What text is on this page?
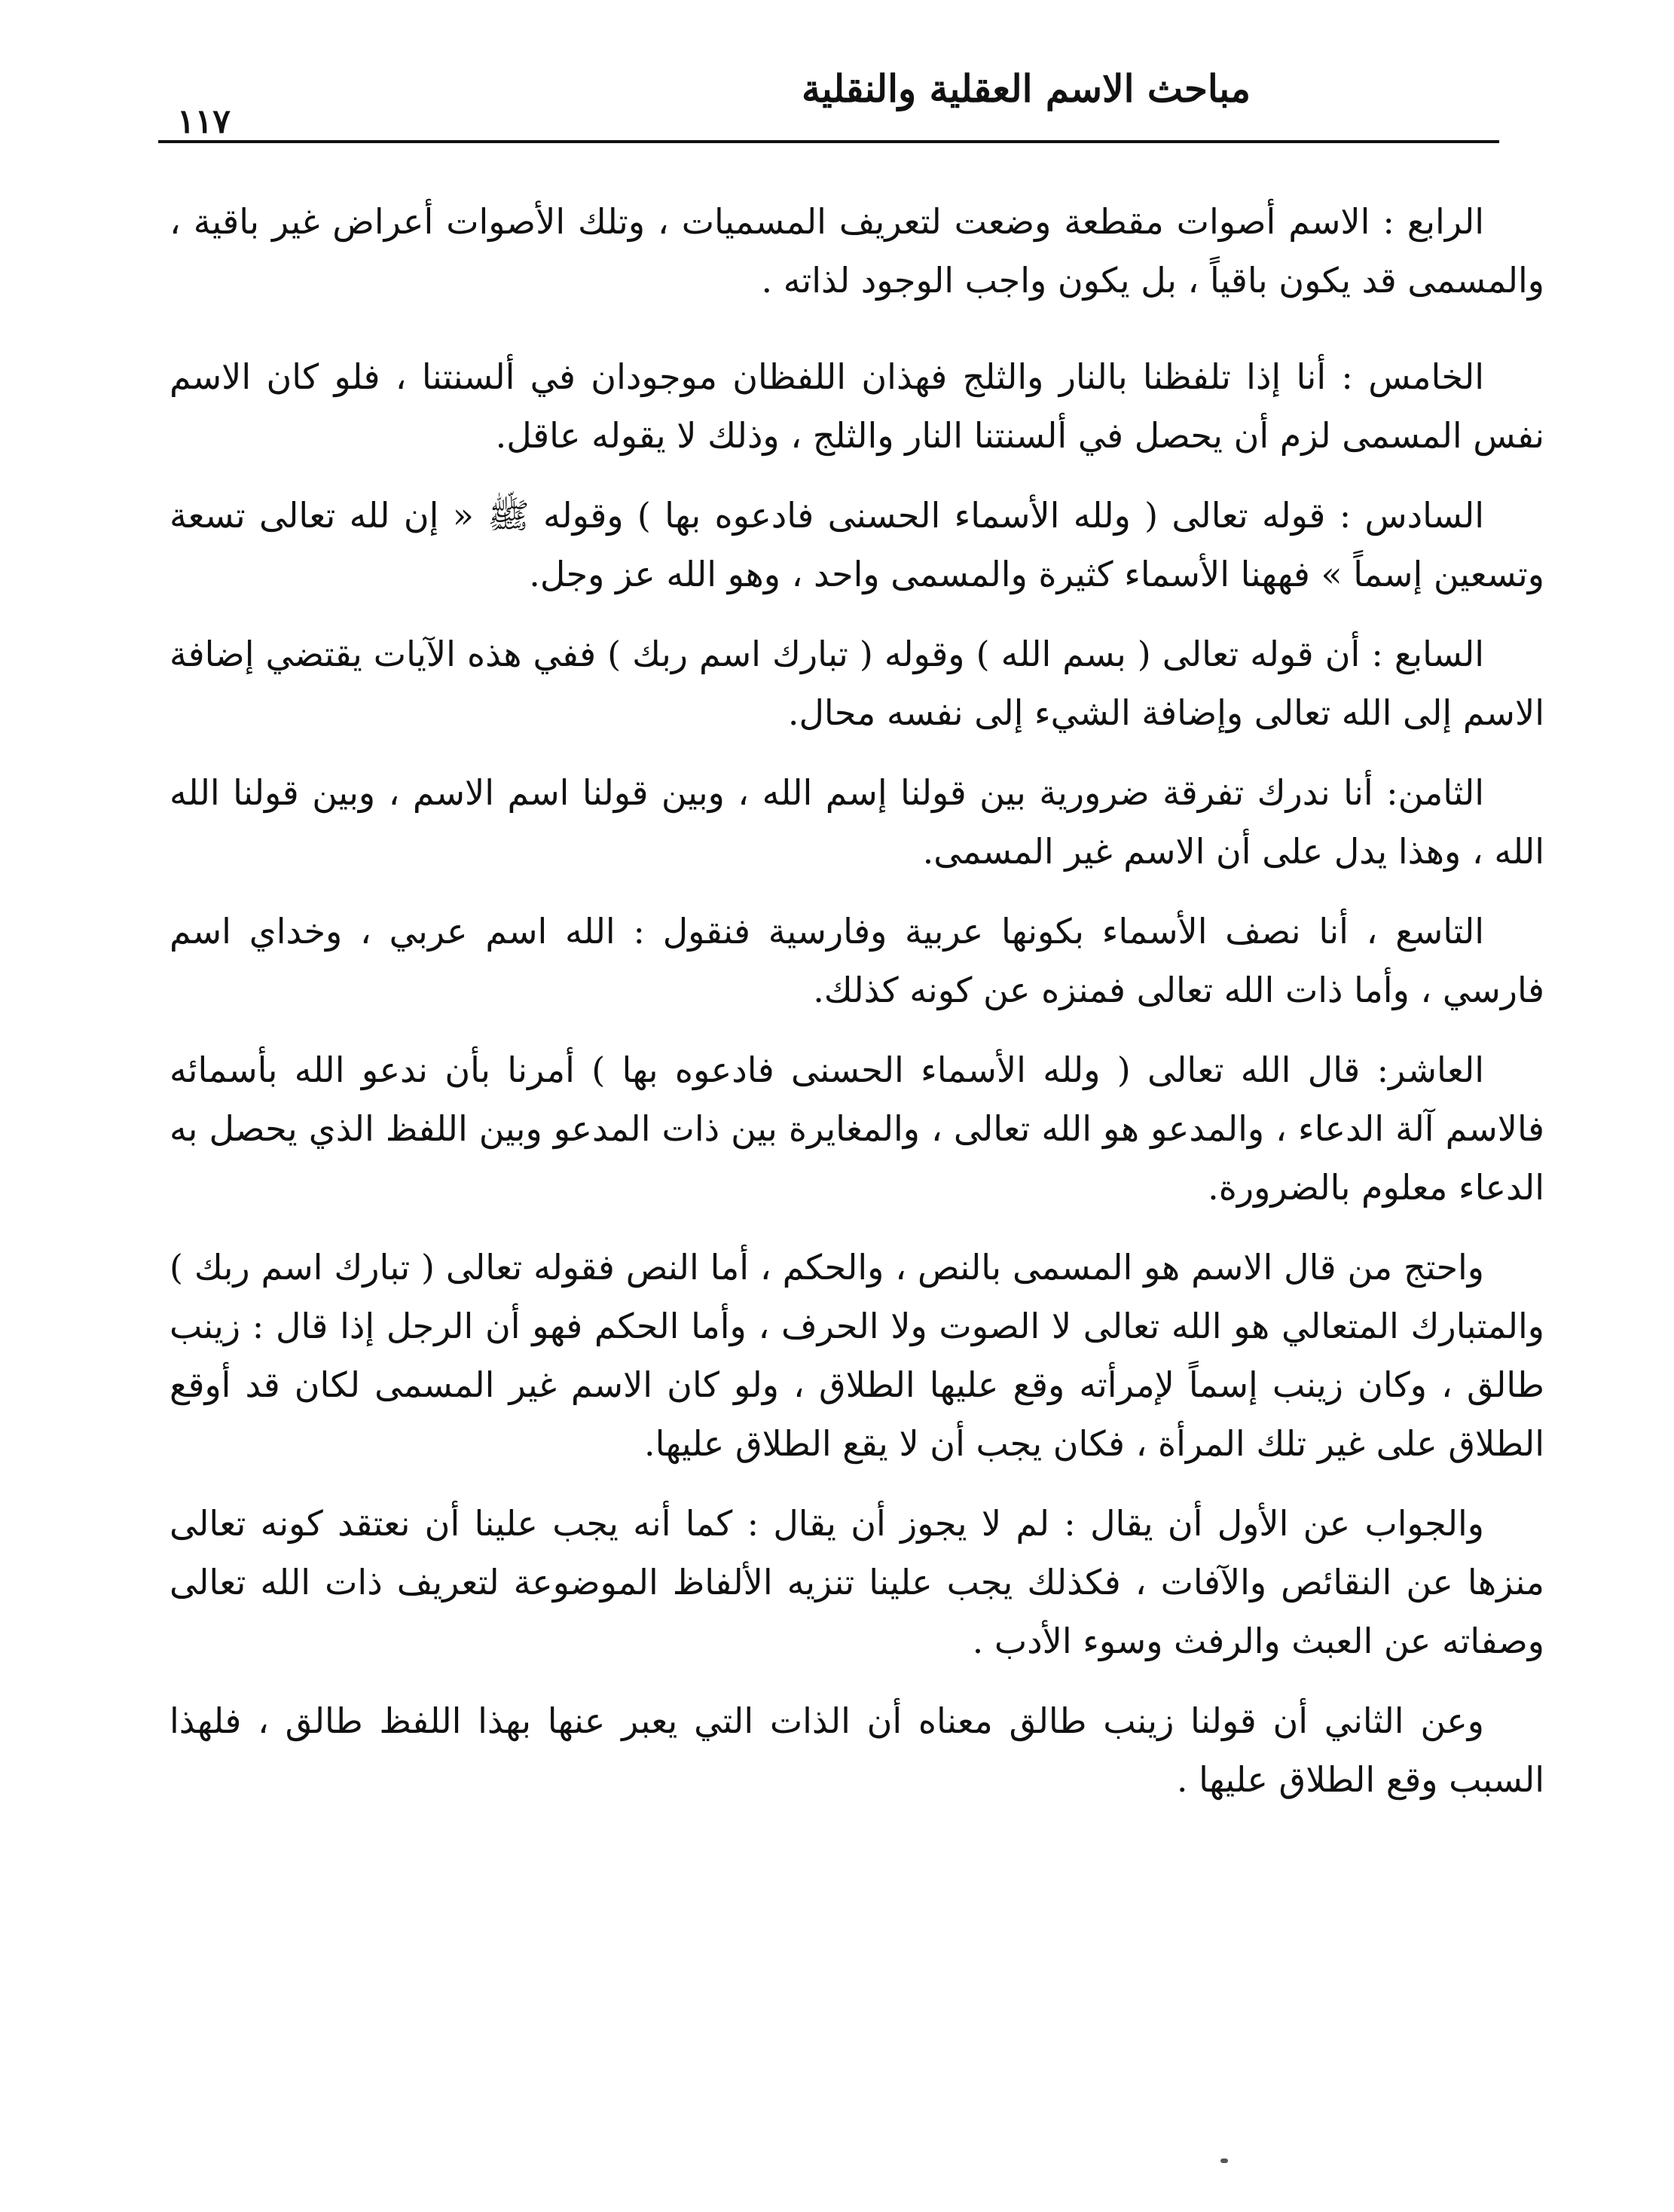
مباحث الاسم العقلية والنقلية
١١٧

الرابع : الاسم أصوات مقطعة وضعت لتعريف المسميات ، وتلك الأصوات أعراض غير باقية ، والمسمى قد يكون باقياً ، بل يكون واجب الوجود لذاته .

الخامس : أنا إذا تلفظنا بالنار والثلج فهذان اللفظان موجودان في ألسنتنا ، فلو كان الاسم نفس المسمى لزم أن يحصل في ألسنتنا النار والثلج ، وذلك لا يقوله عاقل.

السادس : قوله تعالى ( ولله الأسماء الحسنى فادعوه بها ) وقوله ﷺ « إن لله تعالى تسعة وتسعين إسماً » فههنا الأسماء كثيرة والمسمى واحد ، وهو الله عز وجل.

السابع : أن قوله تعالى ( بسم الله ) وقوله ( تبارك اسم ربك ) ففي هذه الآيات يقتضي إضافة الاسم إلى الله تعالى وإضافة الشيء إلى نفسه محال.

الثامن: أنا ندرك تفرقة ضرورية بين قولنا إسم الله ، وبين قولنا اسم الاسم ، وبين قولنا الله الله ، وهذا يدل على أن الاسم غير المسمى.

التاسع ، أنا نصف الأسماء بكونها عربية وفارسية فنقول : الله اسم عربي ، وخداي اسم فارسي ، وأما ذات الله تعالى فمنزه عن كونه كذلك.

العاشر: قال الله تعالى ( ولله الأسماء الحسنى فادعوه بها ) أمرنا بأن ندعو الله بأسمائه فالاسم آلة الدعاء ، والمدعو هو الله تعالى ، والمغايرة بين ذات المدعو وبين اللفظ الذي يحصل به الدعاء معلوم بالضرورة.

واحتج من قال الاسم هو المسمى بالنص ، والحكم ، أما النص فقوله تعالى ( تبارك اسم ربك ) والمتبارك المتعالي هو الله تعالى لا الصوت ولا الحرف ، وأما الحكم فهو أن الرجل إذا قال : زينب طالق ، وكان زينب إسماً لإمرأته وقع عليها الطلاق ، ولو كان الاسم غير المسمى لكان قد أوقع الطلاق على غير تلك المرأة ، فكان يجب أن لا يقع الطلاق عليها.

والجواب عن الأول أن يقال : لم لا يجوز أن يقال : كما أنه يجب علينا أن نعتقد كونه تعالى منزها عن النقائص والآفات ، فكذلك يجب علينا تنزيه الألفاظ الموضوعة لتعريف ذات الله تعالى وصفاته عن العبث والرفث وسوء الأدب .

وعن الثاني أن قولنا زينب طالق معناه أن الذات التي يعبر عنها بهذا اللفظ طالق ، فلهذا السبب وقع الطلاق عليها .
